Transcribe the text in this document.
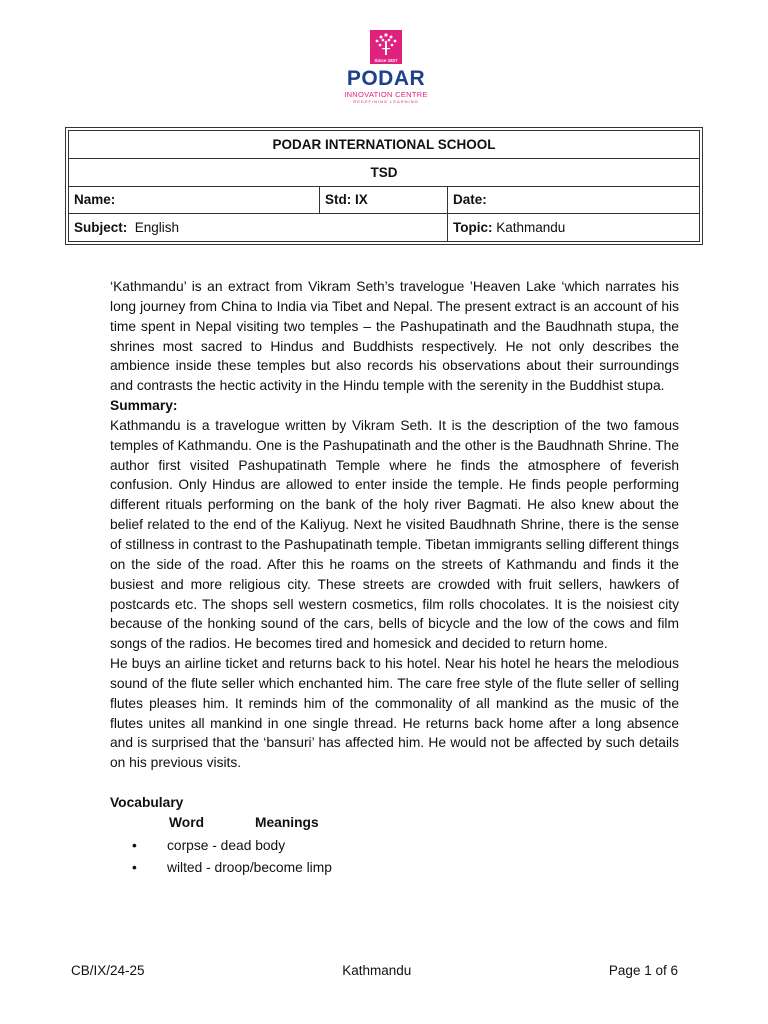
Since 1927
PODAR
INNOVATION CENTRE
REDEFINING LEARNING
PODAR INTERNATIONAL SCHOOL		
TSD		
Name:	Std: IX	Date:
Subject: English		Topic: Kathmandu

‘Kathmandu’ is an extract from Vikram Seth’s travelogue ’Heaven Lake ‘which narrates his long journey from China to India via Tibet and Nepal. The present extract is an account of his time spent in Nepal visiting two temples – the Pashupatinath and the Baudhnath stupa, the shrines most sacred to Hindus and Buddhists respectively. He not only describes the ambience inside these temples but also records his observations about their surroundings and contrasts the hectic activity in the Hindu temple with the serenity in the Buddhist stupa.

Summary:

Kathmandu is a travelogue written by Vikram Seth. It is the description of the two famous temples of Kathmandu. One is the Pashupatinath and the other is the Baudhnath Shrine. The author first visited Pashupatinath Temple where he finds the atmosphere of feverish confusion. Only Hindus are allowed to enter inside the temple. He finds people performing different rituals performing on the bank of the holy river Bagmati. He also knew about the belief related to the end of the Kaliyug. Next he visited Baudhnath Shrine, there is the sense of stillness in contrast to the Pashupatinath temple. Tibetan immigrants selling different things on the side of the road. After this he roams on the streets of Kathmandu and finds it the busiest and more religious city. These streets are crowded with fruit sellers, hawkers of postcards etc. The shops sell western cosmetics, film rolls chocolates. It is the noisiest city because of the honking sound of the cars, bells of bicycle and the low of the cows and film songs of the radios. He becomes tired and homesick and decided to return home.

He buys an airline ticket and returns back to his hotel. Near his hotel he hears the melodious sound of the flute seller which enchanted him. The care free style of the flute seller of selling flutes pleases him. It reminds him of the commonality of all mankind as the music of the flutes unites all mankind in one single thread. He returns back home after a long absence and is surprised that the ‘bansuri’ has affected him. He would not be affected by such details on his previous visits.

Vocabulary
Word	Meanings
• corpse - dead body
• wilted - droop/become limp
CB/IX/24-25	Kathmandu	Page 1 of 6
